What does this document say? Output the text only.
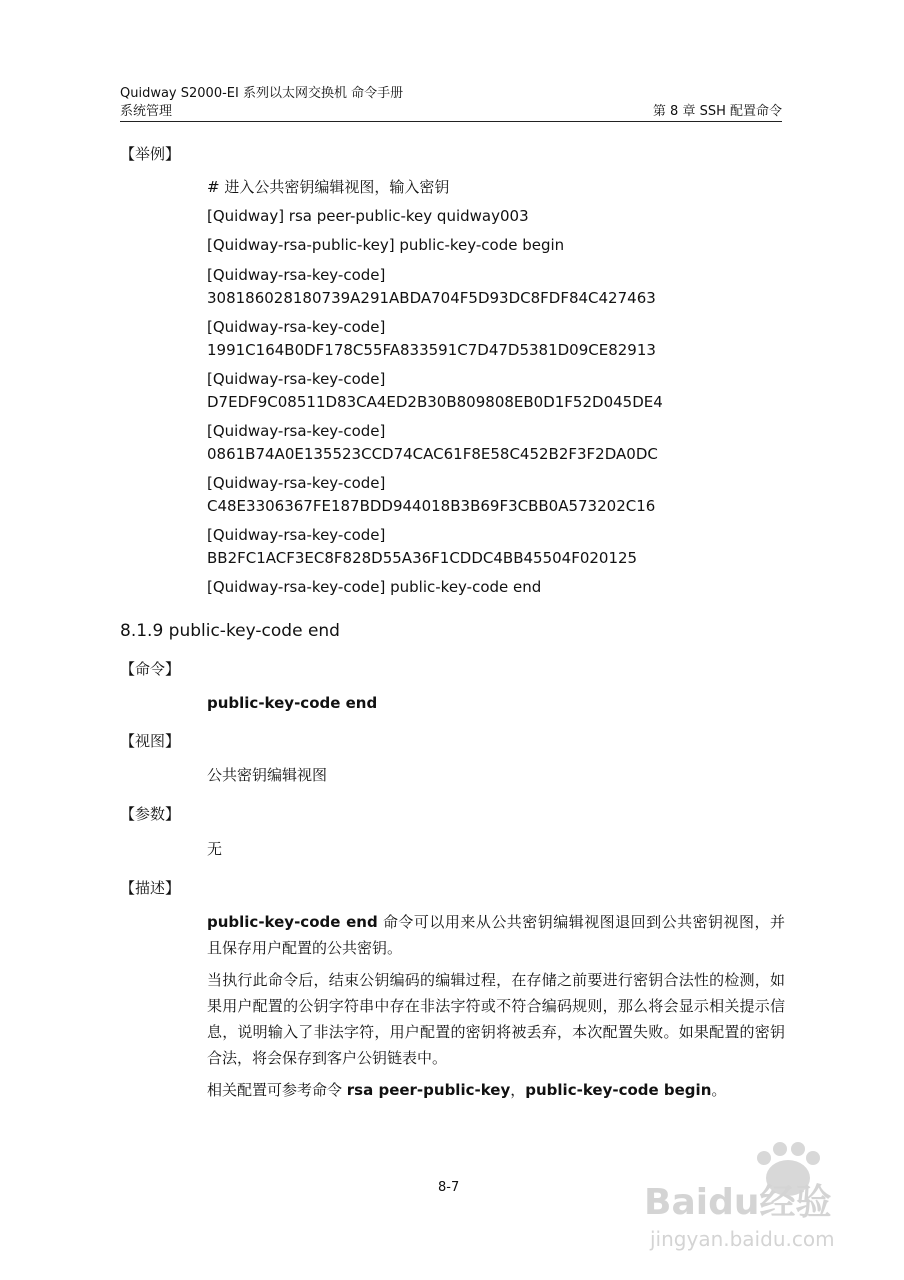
Quidway S2000-EI 系列以太网交换机 命令手册
系统管理	第 8 章 SSH 配置命令
【举例】
# 进入公共密钥编辑视图，输入密钥
[Quidway] rsa peer-public-key quidway003
[Quidway-rsa-public-key] public-key-code begin
[Quidway-rsa-key-code]
308186028180739A291ABDA704F5D93DC8FDF84C427463
[Quidway-rsa-key-code]
1991C164B0DF178C55FA833591C7D47D5381D09CE82913
[Quidway-rsa-key-code]
D7EDF9C08511D83CA4ED2B30B809808EB0D1F52D045DE4
[Quidway-rsa-key-code]
0861B74A0E135523CCD74CAC61F8E58C452B2F3F2DA0DC
[Quidway-rsa-key-code]
C48E3306367FE187BDD944018B3B69F3CBB0A573202C16
[Quidway-rsa-key-code]
BB2FC1ACF3EC8F828D55A36F1CDDC4BB45504F020125
[Quidway-rsa-key-code] public-key-code end
8.1.9 public-key-code end
【命令】
public-key-code end
【视图】
公共密钥编辑视图
【参数】
无
【描述】
public-key-code end 命令可以用来从公共密钥编辑视图退回到公共密钥视图，并且保存用户配置的公共密钥。
当执行此命令后，结束公钥编码的编辑过程，在存储之前要进行密钥合法性的检测，如果用户配置的公钥字符串中存在非法字符或不符合编码规则，那么将会显示相关提示信息，说明输入了非法字符，用户配置的密钥将被丢弃，本次配置失败。如果配置的密钥合法，将会保存到客户公钥链表中。
相关配置可参考命令 rsa peer-public-key，public-key-code begin。
8-7	Baidu经验
jingyan.baidu.com
